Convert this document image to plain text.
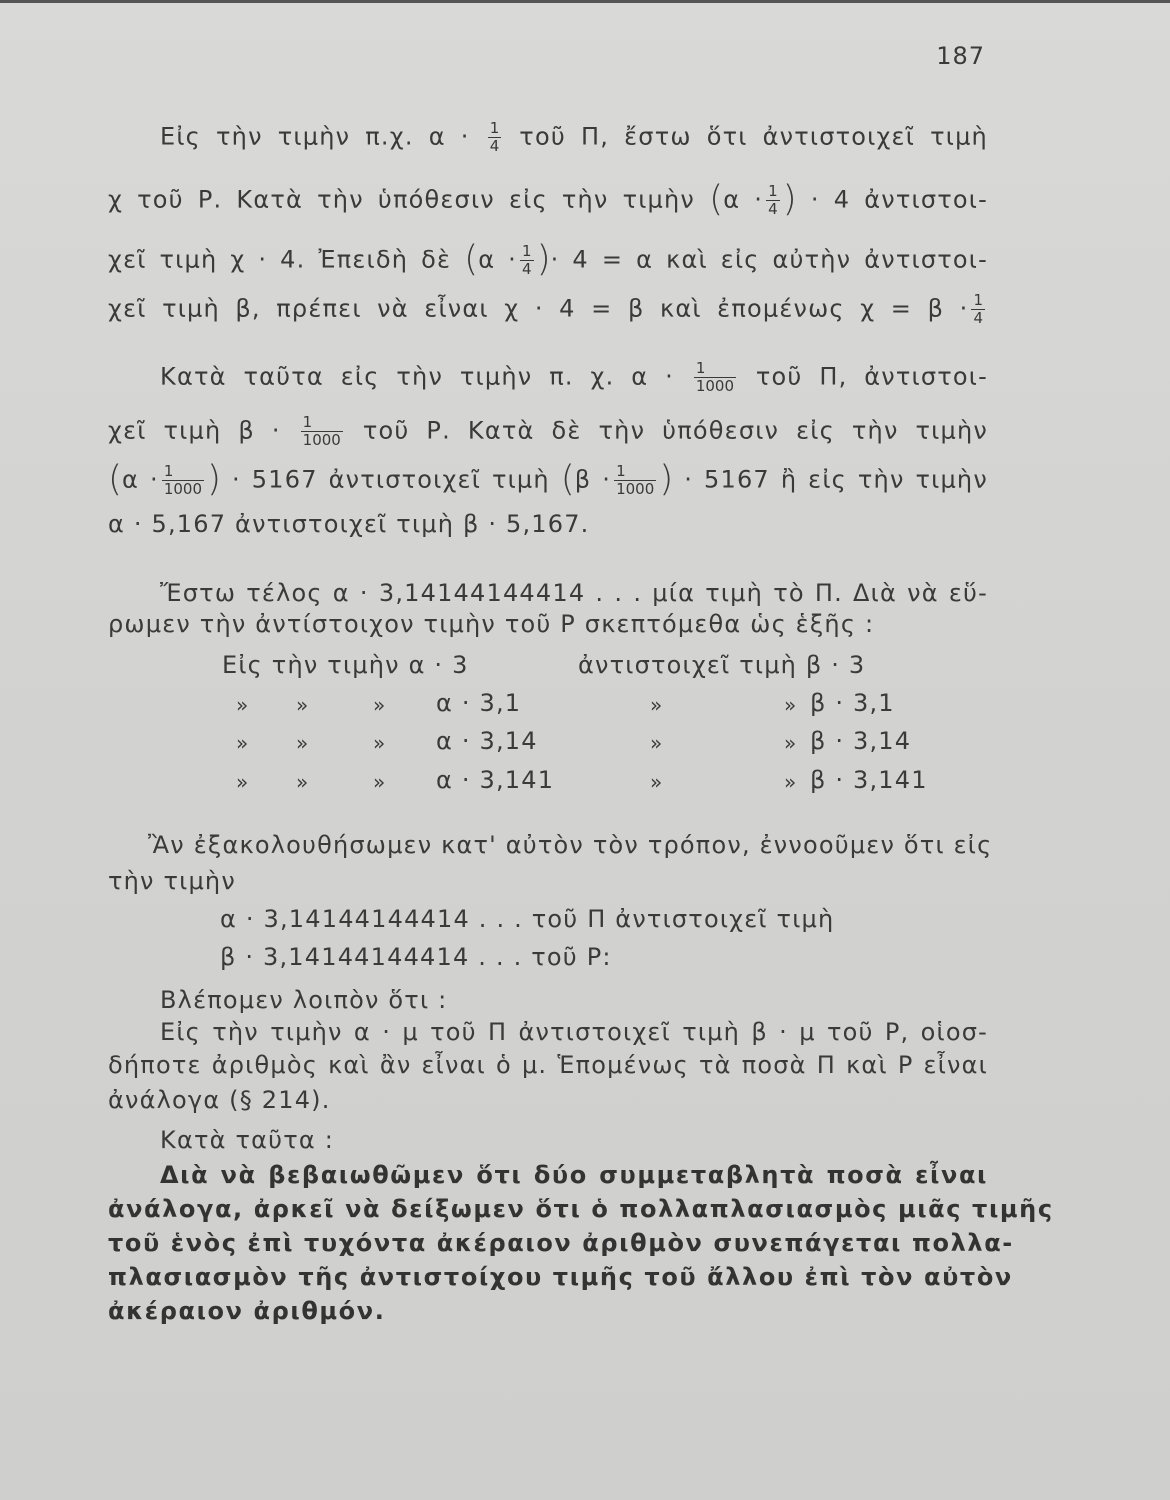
187
Εἰς τὴν τιμὴν π.χ. $\alpha \cdot \frac{1}{4}$ τοῦ Π, ἔστω ὅτι ἀντιστοιχεῖ τιμὴ
χ τοῦ Ρ. Κατὰ τὴν ὑπόθεσιν εἰς τὴν τιμὴν ($\alpha \cdot \frac{1}{4}$ ) · 4 ἀντιστοι-
χεῖ τιμὴ χ · 4. Ἐπειδὴ δὲ ($\alpha \cdot \frac{1}{4}$ )· 4 = α καὶ εἰς αὐτὴν ἀντιστοι-
χεῖ τιμὴ β, πρέπει νὰ εἶναι χ · 4 = β καὶ ἐπομένως $\chi = \beta \cdot \frac{1}{4}$
Κατὰ ταῦτα εἰς τὴν τιμὴν π. χ. $\alpha \cdot \frac{1}{1000}$ τοῦ Π, ἀντιστοι-
χεῖ τιμὴ $\beta \cdot \frac{1}{1000}$ τοῦ Ρ. Κατὰ δὲ τὴν ὑπόθεσιν εἰς τὴν τιμὴν
($\alpha \cdot \frac{1}{1000}$ ) · 5167 ἀντιστοιχεῖ τιμὴ ($\beta \cdot \frac{1}{1000}$ ) · 5167 ἢ εἰς τὴν τιμὴν
α · 5,167 ἀντιστοιχεῖ τιμὴ β · 5,167.
Ἔστω τέλος α · 3,14144144414 . . . μία τιμὴ τὸ Π. Διὰ νὰ εὕ-
ρωμεν τὴν ἀντίστοιχον τιμὴν τοῦ Ρ σκεπτόμεθα ὡς ἑξῆς :
Εἰς τὴν τιμὴν α · 3	ἀντιστοιχεῖ τιμὴ β · 3
» »	» α · 3,1	»	» β · 3,1
» »	» α · 3,14	»	» β · 3,14
» »	» α · 3,141	»	» β · 3,141
Ἂν ἐξακολουθήσωμεν κατ' αὐτὸν τὸν τρόπον, ἐννοοῦμεν ὅτι εἰς
τὴν τιμὴν
α · 3,14144144414 . . . τοῦ Π ἀντιστοιχεῖ τιμὴ
β · 3,14144144414 . . . τοῦ Ρ:
Βλέπομεν λοιπὸν ὅτι :
Εἰς τὴν τιμὴν α · μ τοῦ Π ἀντιστοιχεῖ τιμὴ β · μ τοῦ Ρ, οἱοσ-
δήποτε ἀριθμὸς καὶ ἂν εἶναι ὁ μ. Ἑπομένως τὰ ποσὰ Π καὶ Ρ εἶναι
ἀνάλογα (§ 214).
Κατὰ ταῦτα :
Διὰ νὰ βεβαιωθῶμεν ὅτι δύο συμμεταβλητὰ ποσὰ εἶναι
ἀνάλογα, ἀρκεῖ νὰ δείξωμεν ὅτι ὁ πολλαπλασιασμὸς μιᾶς τιμῆς
τοῦ ἑνὸς ἐπὶ τυχόντα ἀκέραιον ἀριθμὸν συνεπάγεται πολλα-
πλασιασμὸν τῆς ἀντιστοίχου τιμῆς τοῦ ἄλλου ἐπὶ τὸν αὐτὸν
ἀκέραιον ἀριθμόν.
